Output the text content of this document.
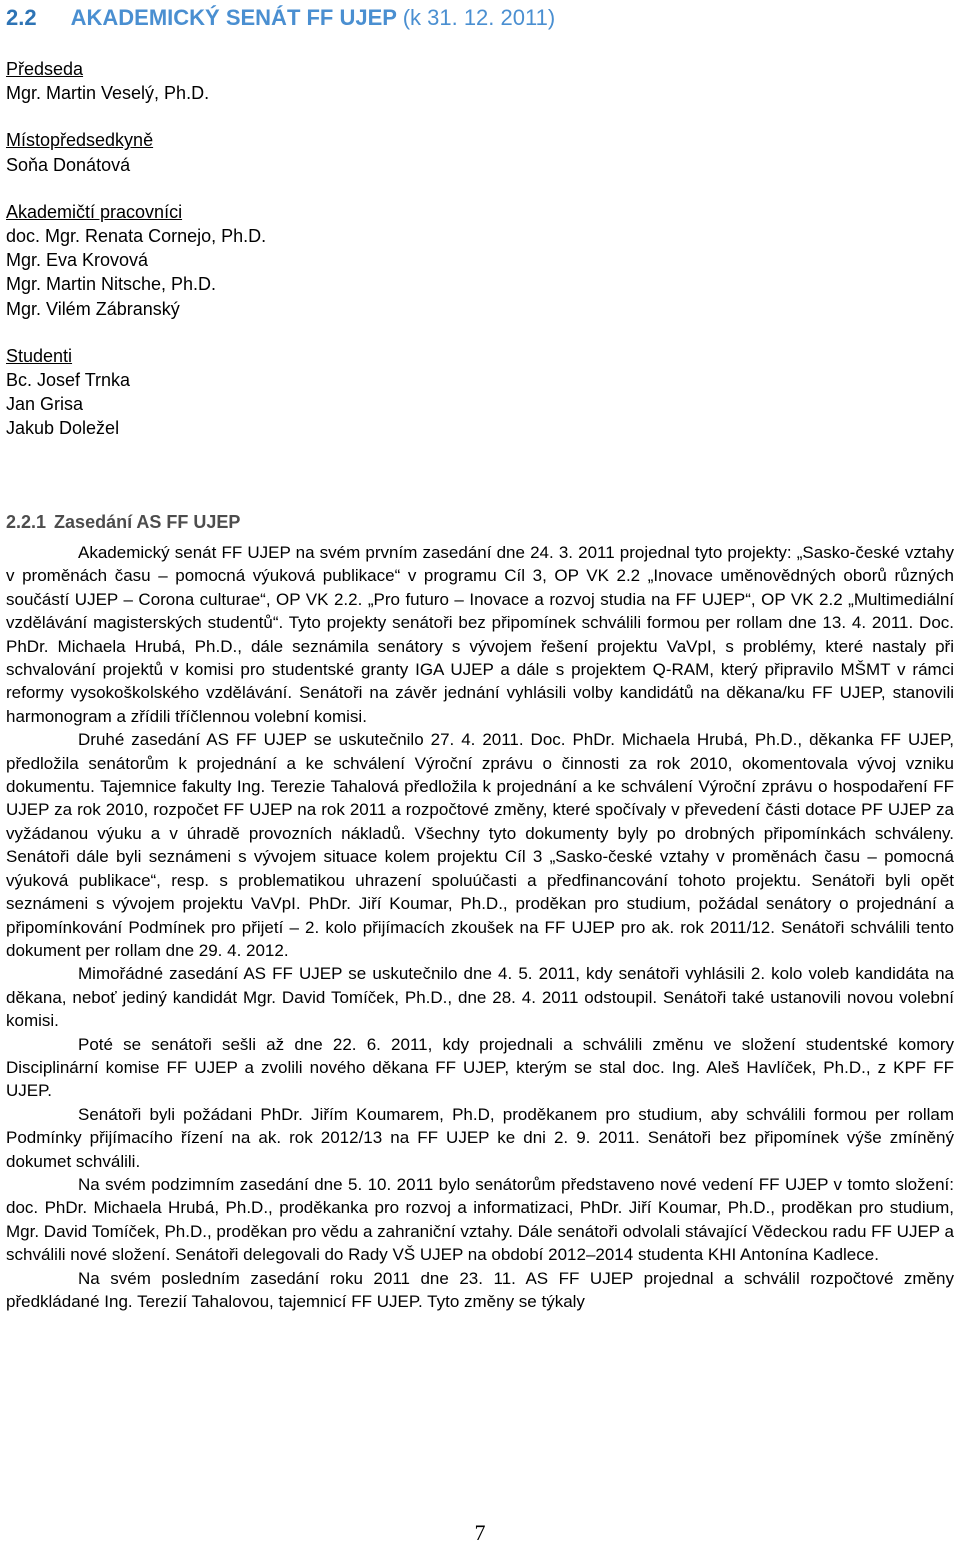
2.2 AKADEMICKÝ SENÁT FF UJEP (k 31. 12. 2011)
Předseda
Mgr. Martin Veselý, Ph.D.
Místopředsedkyně
Soňa Donátová
Akademičtí pracovníci
doc. Mgr. Renata Cornejo, Ph.D.
Mgr. Eva Krovová
Mgr. Martin Nitsche, Ph.D.
Mgr. Vilém Zábranský
Studenti
Bc. Josef Trnka
Jan Grisa
Jakub Doležel
2.2.1 Zasedání AS FF UJEP

Akademický senát FF UJEP na svém prvním zasedání dne 24. 3. 2011 projednal tyto projekty: „Sasko-české vztahy v proměnách času – pomocná výuková publikace“ v programu Cíl 3, OP VK 2.2 „Inovace uměnovědných oborů různých součástí UJEP – Corona culturae“, OP VK 2.2. „Pro futuro – Inovace a rozvoj studia na FF UJEP“, OP VK 2.2 „Multimediální vzdělávání magisterských studentů“. Tyto projekty senátoři bez připomínek schválili formou per rollam dne 13. 4. 2011. Doc. PhDr. Michaela Hrubá, Ph.D., dále seznámila senátory s vývojem řešení projektu VaVpI, s problémy, které nastaly při schvalování projektů v komisi pro studentské granty IGA UJEP a dále s projektem Q-RAM, který připravilo MŠMT v rámci reformy vysokoškolského vzdělávání. Senátoři na závěr jednání vyhlásili volby kandidátů na děkana/ku FF UJEP, stanovili harmonogram a zřídili tříčlennou volební komisi.

Druhé zasedání AS FF UJEP se uskutečnilo 27. 4. 2011. Doc. PhDr. Michaela Hrubá, Ph.D., děkanka FF UJEP, předložila senátorům k projednání a ke schválení Výroční zprávu o činnosti za rok 2010, okomentovala vývoj vzniku dokumentu. Tajemnice fakulty Ing. Terezie Tahalová předložila k projednání a ke schválení Výroční zprávu o hospodaření FF UJEP za rok 2010, rozpočet FF UJEP na rok 2011 a rozpočtové změny, které spočívaly v převedení části dotace PF UJEP za vyžádanou výuku a v úhradě provozních nákladů. Všechny tyto dokumenty byly po drobných připomínkách schváleny. Senátoři dále byli seznámeni s vývojem situace kolem projektu Cíl 3 „Sasko-české vztahy v proměnách času – pomocná výuková publikace“, resp. s problematikou uhrazení spoluúčasti a předfinancování tohoto projektu. Senátoři byli opět seznámeni s vývojem projektu VaVpI. PhDr. Jiří Koumar, Ph.D., proděkan pro studium, požádal senátory o projednání a připomínkování Podmínek pro přijetí – 2. kolo přijímacích zkoušek na FF UJEP pro ak. rok 2011/12. Senátoři schválili tento dokument per rollam dne 29. 4. 2012.

Mimořádné zasedání AS FF UJEP se uskutečnilo dne 4. 5. 2011, kdy senátoři vyhlásili 2. kolo voleb kandidáta na děkana, neboť jediný kandidát Mgr. David Tomíček, Ph.D., dne 28. 4. 2011 odstoupil. Senátoři také ustanovili novou volební komisi.

Poté se senátoři sešli až dne 22. 6. 2011, kdy projednali a schválili změnu ve složení studentské komory Disciplinární komise FF UJEP a zvolili nového děkana FF UJEP, kterým se stal doc. Ing. Aleš Havlíček, Ph.D., z KPF FF UJEP.

Senátoři byli požádani PhDr. Jiřím Koumarem, Ph.D, proděkanem pro studium, aby schválili formou per rollam Podmínky přijímacího řízení na ak. rok 2012/13 na FF UJEP ke dni 2. 9. 2011. Senátoři bez připomínek výše zmíněný dokumet schválili.

Na svém podzimním zasedání dne 5. 10. 2011 bylo senátorům představeno nové vedení FF UJEP v tomto složení: doc. PhDr. Michaela Hrubá, Ph.D., proděkanka pro rozvoj a informatizaci, PhDr. Jiří Koumar, Ph.D., proděkan pro studium, Mgr. David Tomíček, Ph.D., proděkan pro vědu a zahraniční vztahy. Dále senátoři odvolali stávající Vědeckou radu FF UJEP a schválili nové složení. Senátoři delegovali do Rady VŠ UJEP na období 2012–2014 studenta KHI Antonína Kadlece.

Na svém posledním zasedání roku 2011 dne 23. 11. AS FF UJEP projednal a schválil rozpočtové změny předkládané Ing. Terezií Tahalovou, tajemnicí FF UJEP. Tyto změny se týkaly

7
